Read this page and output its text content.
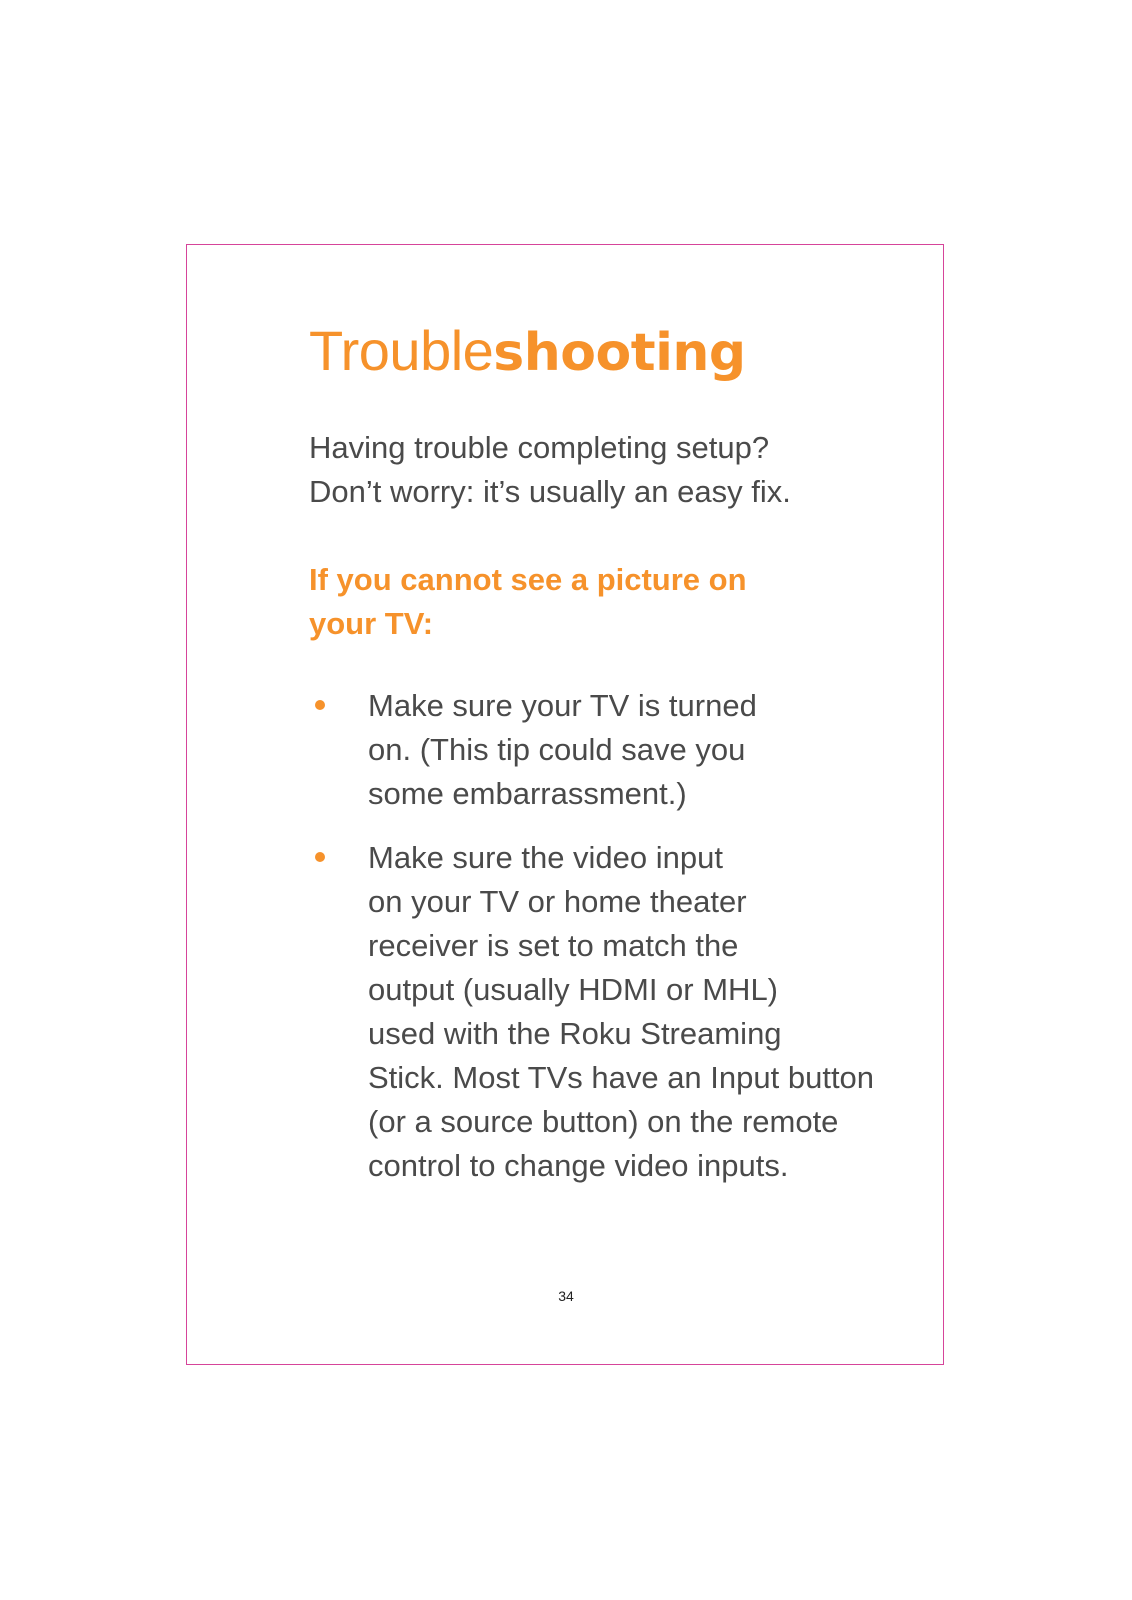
Troubleshooting

Having trouble completing setup?
Don’t worry: it’s usually an easy fix.

If you cannot see a picture on
your TV:
Make sure your TV is turned
on. (This tip could save you
some embarrassment.)
Make sure the video input
on your TV or home theater
receiver is set to match the
output (usually HDMI or MHL)
used with the Roku Streaming
Stick. Most TVs have an Input button
(or a source button) on the remote
control to change video inputs.
34
